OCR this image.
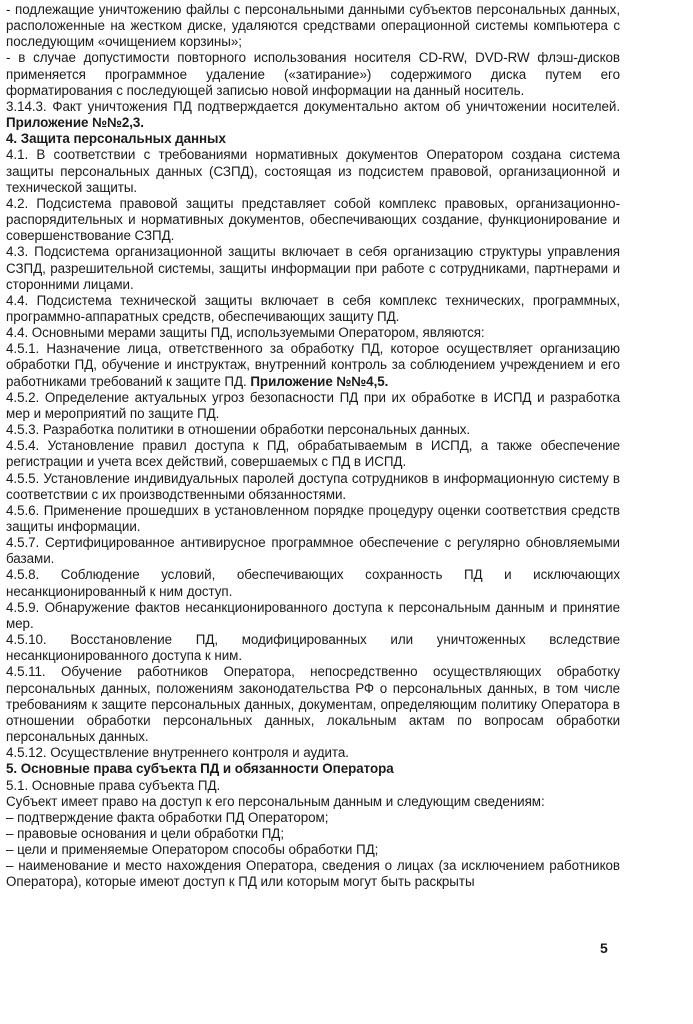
- подлежащие уничтожению файлы с персональными данными субъектов персональных данных, расположенные на жестком диске, удаляются средствами операционной системы компьютера с последующим «очищением корзины»;

- в случае допустимости повторного использования носителя CD-RW, DVD-RW флэш-дисков применяется программное удаление («затирание») содержимого диска путем его форматирования с последующей записью новой информации на данный носитель.

3.14.3. Факт уничтожения ПД подтверждается документально актом об уничтожении носителей. Приложение №№2,3.

4. Защита персональных данных

4.1. В соответствии с требованиями нормативных документов Оператором создана система защиты персональных данных (СЗПД), состоящая из подсистем правовой, организационной и технической защиты.

4.2. Подсистема правовой защиты представляет собой комплекс правовых, организационно-распорядительных и нормативных документов, обеспечивающих создание, функционирование и совершенствование СЗПД.

4.3. Подсистема организационной защиты включает в себя организацию структуры управления СЗПД, разрешительной системы, защиты информации при работе с сотрудниками, партнерами и сторонними лицами.

4.4. Подсистема технической защиты включает в себя комплекс технических, программных, программно-аппаратных средств, обеспечивающих защиту ПД.

4.4. Основными мерами защиты ПД, используемыми Оператором, являются:

4.5.1. Назначение лица, ответственного за обработку ПД, которое осуществляет организацию обработки ПД, обучение и инструктаж, внутренний контроль за соблюдением учреждением и его работниками требований к защите ПД. Приложение №№4,5.

4.5.2. Определение актуальных угроз безопасности ПД при их обработке в ИСПД и разработка мер и мероприятий по защите ПД.

4.5.3. Разработка политики в отношении обработки персональных данных.

4.5.4. Установление правил доступа к ПД, обрабатываемым в ИСПД, а также обеспечение регистрации и учета всех действий, совершаемых с ПД в ИСПД.

4.5.5. Установление индивидуальных паролей доступа сотрудников в информационную систему в соответствии с их производственными обязанностями.

4.5.6. Применение прошедших в установленном порядке процедуру оценки соответствия средств защиты информации.

4.5.7. Сертифицированное антивирусное программное обеспечение с регулярно обновляемыми базами.

4.5.8. Соблюдение условий, обеспечивающих сохранность ПД и исключающих несанкционированный к ним доступ.

4.5.9. Обнаружение фактов несанкционированного доступа к персональным данным и принятие мер.

4.5.10. Восстановление ПД, модифицированных или уничтоженных вследствие несанкционированного доступа к ним.

4.5.11. Обучение работников Оператора, непосредственно осуществляющих обработку персональных данных, положениям законодательства РФ о персональных данных, в том числе требованиям к защите персональных данных, документам, определяющим политику Оператора в отношении обработки персональных данных, локальным актам по вопросам обработки персональных данных.

4.5.12. Осуществление внутреннего контроля и аудита.

5. Основные права субъекта ПД и обязанности Оператора

5.1. Основные права субъекта ПД.

Субъект имеет право на доступ к его персональным данным и следующим сведениям:

– подтверждение факта обработки ПД Оператором;

– правовые основания и цели обработки ПД;

– цели и применяемые Оператором способы обработки ПД;

– наименование и место нахождения Оператора, сведения о лицах (за исключением работников Оператора), которые имеют доступ к ПД или которым могут быть раскрыты

5
